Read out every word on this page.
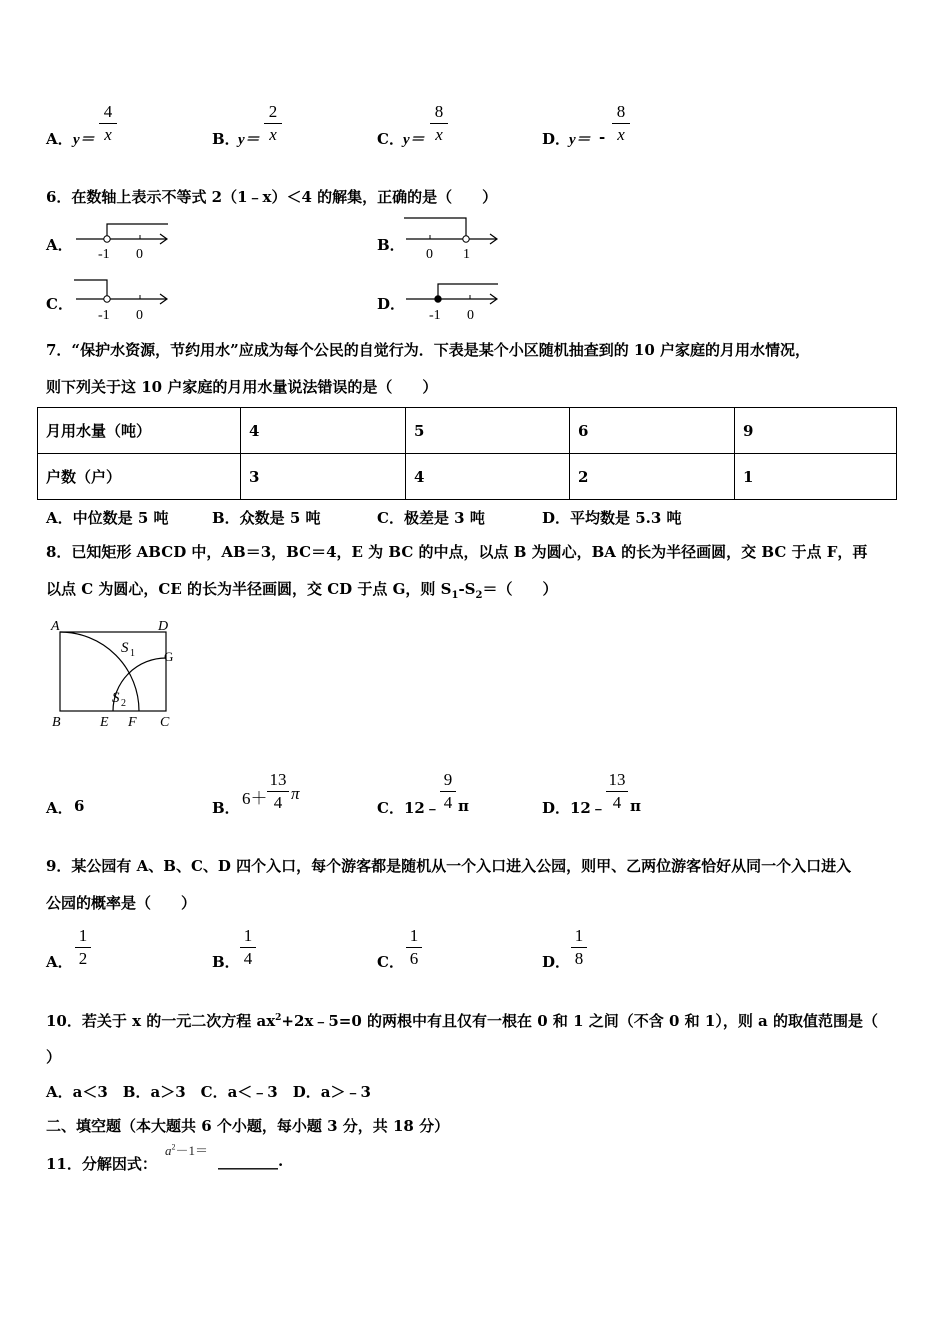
A． y＝
4
x	B．
y＝
2
x	C． y＝
8
x	D．
y＝ -
8
x
6．在数轴上表示不等式 2（1﹣x）＜4 的解集，正确的是（　　）
A．
-1 0
B．
0 1
C．
-1 0
D．
-1 0
7．“保护水资源，节约用水”应成为每个公民的自觉行为．下表是某个小区随机抽查到的 10 户家庭的月用水情况，
则下列关于这 10 户家庭的月用水量说法错误的是（　　）
月用水量（吨）	4	5	6	9
户数（户）	3	4	2	1
A．中位数是 5 吨	B．众数是 5 吨	C．极差是 3 吨	D．平均数是 5.3 吨
8．已知矩形 ABCD 中，AB＝3，BC＝4，E 为 BC 的中点，以点 B 为圆心，BA 的长为半径画圆，交 BC 于点 F，再
以点 C 为圆心，CE 的长为半径画圆，交 CD 于点 G，则 $S_1-S_2=$（　　）
A	D
B	E F C
G
S 1
S 2
A． 6	B． 6＋
13
4 π
C． 12﹣
9
4 π	D． 12﹣
13
4 π
9．某公园有 A、B、C、D 四个入口，每个游客都是随机从一个入口进入公园，则甲、乙两位游客恰好从同一个入口进入
公园的概率是（　　）
A．
1
2	B．
1
4	C．
1
6	D．
1
8
10．若关于 x 的一元二次方程 $ax^2+2x﹣5=0$ 的两根中有且仅有一根在 0 和 1 之间（不含 0 和 1），则 a 的取值范围是（
）
A．a＜3　B．a＞3　C．a＜﹣3　D．a＞﹣3
二、填空题（本大题共 6 个小题，每小题 3 分，共 18 分）
11．分解因式：
$a^2-1=$
________.
